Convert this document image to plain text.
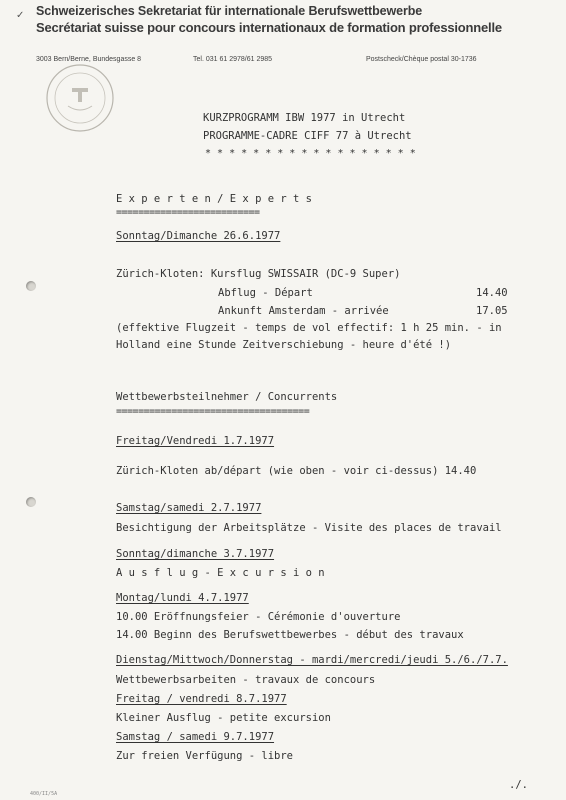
✓ Schweizerisches Sekretariat für internationale Berufswettbewerbe
Secrétariat suisse pour concours internationaux de formation professionnelle
3003 Bern/Berne, Bundesgasse 8	Tel. 031 61 2978/61 2985	Postscheck/Chèque postal 30-1736
KURZPROGRAMM IBW 1977 in Utrecht
PROGRAMME-CADRE CIFF 77 à Utrecht
* * * * * * * * * * * * * * * * * *
E x p e r t e n / E x p e r t s
==========================
Sonntag/Dimanche 26.6.1977
Zürich-Kloten: Kursflug SWISSAIR (DC-9 Super)
Abflug - Départ	14.40
Ankunft Amsterdam - arrivée	17.05
(effektive Flugzeit - temps de vol effectif: 1 h 25 min. - in
Holland eine Stunde Zeitverschiebung - heure d'été !)
Wettbewerbsteilnehmer / Concurrents
===================================
Freitag/Vendredi 1.7.1977
Zürich-Kloten ab/départ (wie oben - voir ci-dessus) 14.40
Samstag/samedi 2.7.1977
Besichtigung der Arbeitsplätze - Visite des places de travail
Sonntag/dimanche 3.7.1977
A u s f l u g - E x c u r s i o n
Montag/lundi 4.7.1977
10.00 Eröffnungsfeier - Cérémonie d'ouverture
14.00 Beginn des Berufswettbewerbes - début des travaux
Dienstag/Mittwoch/Donnerstag - mardi/mercredi/jeudi 5./6./7.7.
Wettbewerbsarbeiten - travaux de concours
Freitag / vendredi 8.7.1977
Kleiner Ausflug - petite excursion
Samstag / samedi 9.7.1977
Zur freien Verfügung - libre
./.
400/II/5A
